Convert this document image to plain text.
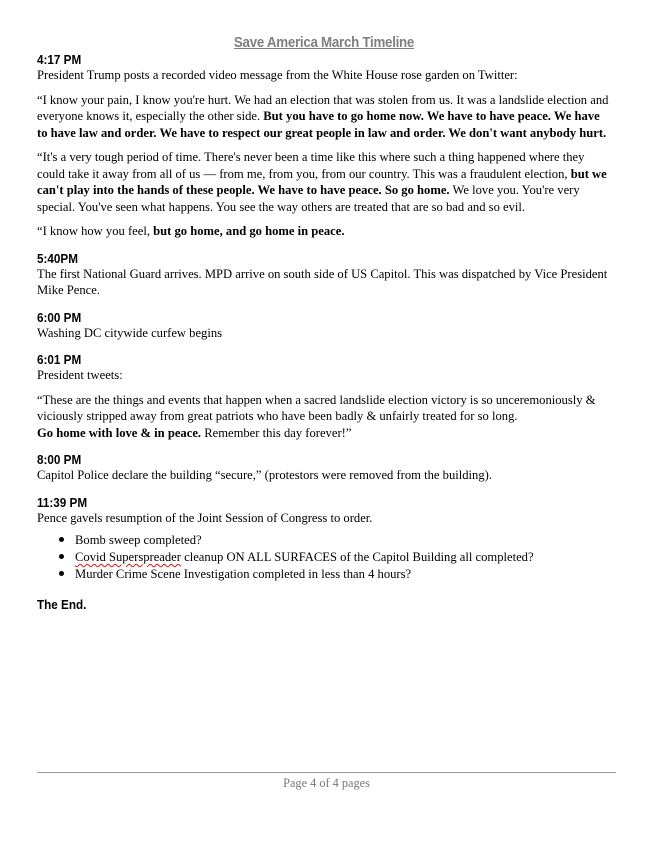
Save America March Timeline
4:17 PM

President Trump posts a recorded video message from the White House rose garden on Twitter:

“I know your pain, I know you're hurt. We had an election that was stolen from us. It was a landslide election and everyone knows it, especially the other side. But you have to go home now. We have to have peace. We have to have law and order. We have to respect our great people in law and order. We don't want anybody hurt.

“It's a very tough period of time. There's never been a time like this where such a thing happened where they could take it away from all of us — from me, from you, from our country. This was a fraudulent election, but we can't play into the hands of these people. We have to have peace. So go home. We love you. You're very special. You've seen what happens. You see the way others are treated that are so bad and so evil.

“I know how you feel, but go home, and go home in peace.

5:40PM

The first National Guard arrives. MPD arrive on south side of US Capitol. This was dispatched by Vice President Mike Pence.

6:00 PM

Washing DC citywide curfew begins

6:01 PM

President tweets:

“These are the things and events that happen when a sacred landslide election victory is so unceremoniously & viciously stripped away from great patriots who have been badly & unfairly treated for so long.
Go home with love & in peace. Remember this day forever!”

8:00 PM

Capitol Police declare the building “secure,” (protestors were removed from the building).

11:39 PM

Pence gavels resumption of the Joint Session of Congress to order.

Bomb sweep completed?
Covid Superspreader cleanup ON ALL SURFACES of the Capitol Building all completed?
Murder Crime Scene Investigation completed in less than 4 hours?
The End.
Page 4 of 4 pages
